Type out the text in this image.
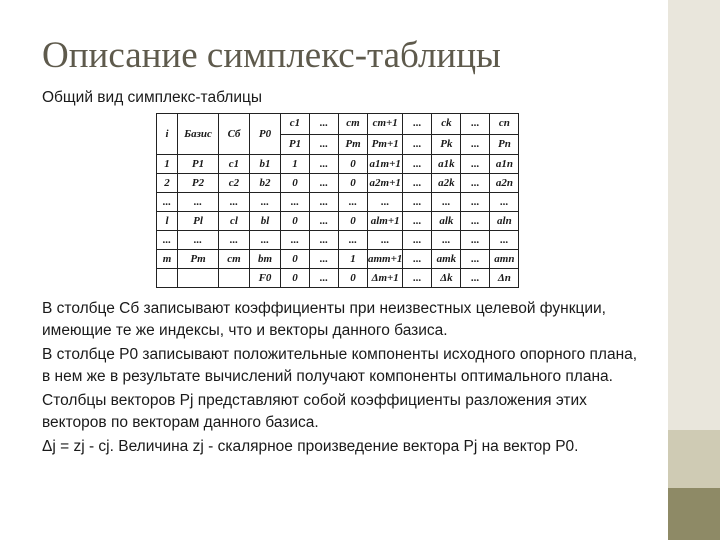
Описание симплекс-таблицы
Общий вид симплекс-таблицы
i	Базис	Cб	P0	c1	...	cm	cm+1	...	ck	...	cn
				P1	...	Pm	Pm+1	...	Pk	...	Pn
1	P1	c1	b1	1	...	0	a1m+1	...	a1k	...	a1n
2	P2	c2	b2	0	...	0	a2m+1	...	a2k	...	a2n
...	...	...	...	...	...	...	...	...	...	...	...
l	Pl	cl	bl	0	...	0	alm+1	...	alk	...	aln
...	...	...	...	...	...	...	...	...	...	...	...
m	Pm	cm	bm	0	...	1	amm+1	...	amk	...	amn
			F0	0	...	0	Δm+1	...	Δk	...	Δn

В столбце Cб записывают коэффициенты при неизвестных целевой функции, имеющие те же индексы, что и векторы данного базиса.

В столбце P0 записывают положительные компоненты исходного опорного плана, в нем же в результате вычислений получают компоненты оптимального плана.

Столбцы векторов Pj представляют собой коэффициенты разложения этих векторов по векторам данного базиса.

Δj = zj - cj. Величина zj - скалярное произведение вектора Pj на вектор P0.
